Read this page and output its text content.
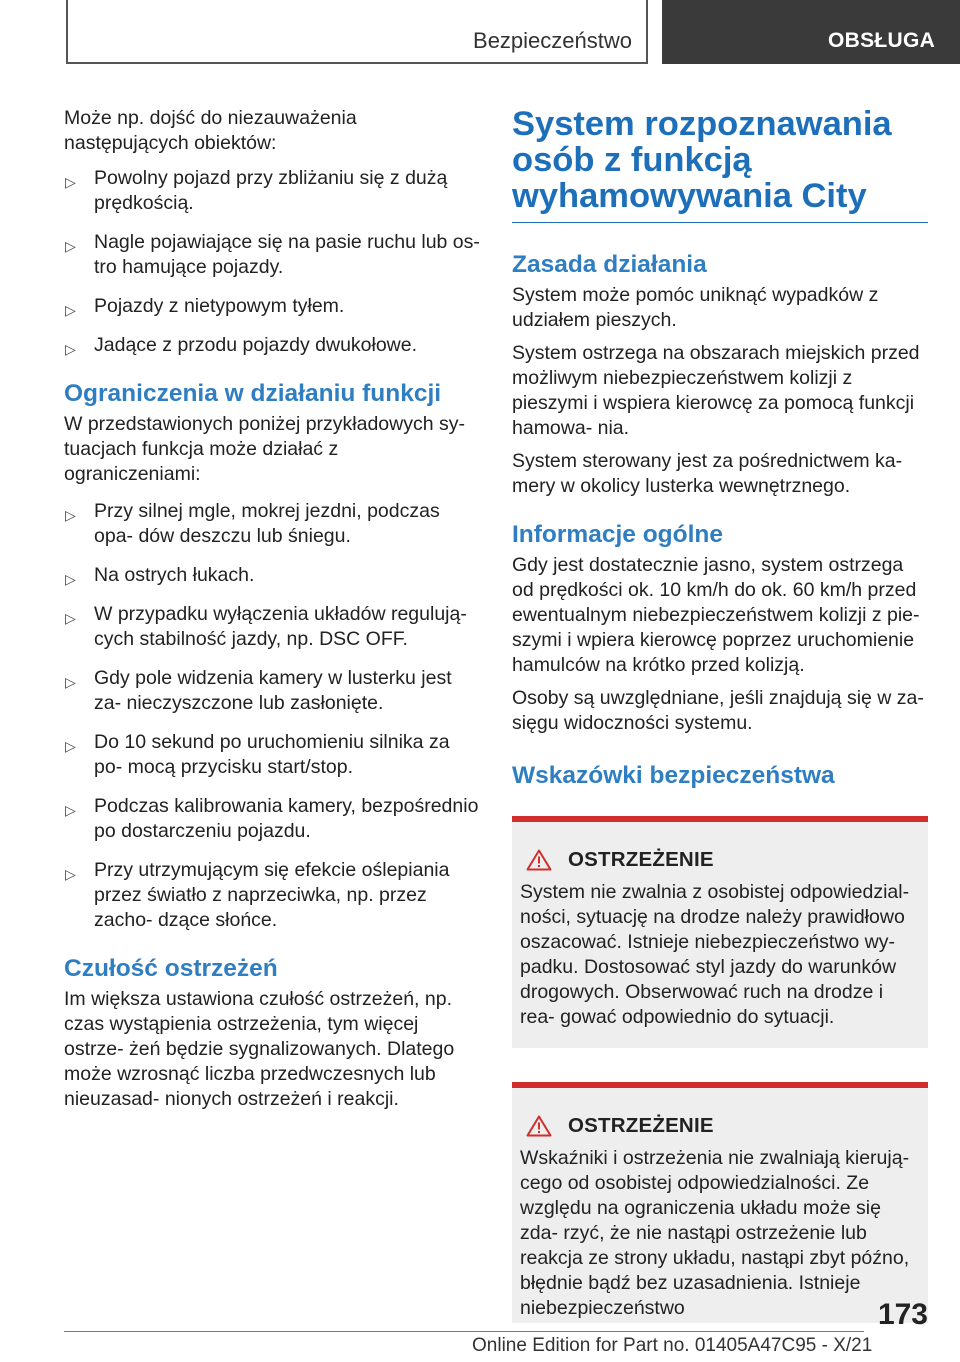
Bezpieczeństwo	OBSŁUGA

Może np. dojść do niezauważenia następujących obiektów:

▷ Powolny pojazd przy zbliżaniu się z dużą prędkością.
▷ Nagle pojawiające się na pasie ruchu lub os- tro hamujące pojazdy.
▷ Pojazdy z nietypowym tyłem.
▷ Jadące z przodu pojazdy dwukołowe.
Ograniczenia w działaniu funkcji

W przedstawionych poniżej przykładowych sy- tuacjach funkcja może działać z ograniczeniami:

▷ Przy silnej mgle, mokrej jezdni, podczas opa- dów deszczu lub śniegu.
▷ Na ostrych łukach.
▷ W przypadku wyłączenia układów regulują- cych stabilność jazdy, np. DSC OFF.
▷ Gdy pole widzenia kamery w lusterku jest za- nieczyszczone lub zasłonięte.
▷ Do 10 sekund po uruchomieniu silnika za po- mocą przycisku start/stop.
▷ Podczas kalibrowania kamery, bezpośrednio po dostarczeniu pojazdu.
▷ Przy utrzymującym się efekcie oślepiania przez światło z naprzeciwka, np. przez zacho- dzące słońce.
Czułość ostrzeżeń

Im większa ustawiona czułość ostrzeżeń, np. czas wystąpienia ostrzeżenia, tym więcej ostrze- żeń będzie sygnalizowanych. Dlatego może wzrosnąć liczba przedwczesnych lub nieuzasad- nionych ostrzeżeń i reakcji.

System rozpoznawania osób z funkcją wyhamowywania City
Zasada działania

System może pomóc uniknąć wypadków z udziałem pieszych.

System ostrzega na obszarach miejskich przed możliwym niebezpieczeństwem kolizji z pieszymi i wspiera kierowcę za pomocą funkcji hamowa- nia.

System sterowany jest za pośrednictwem ka- mery w okolicy lusterka wewnętrznego.

Informacje ogólne

Gdy jest dostatecznie jasno, system ostrzega od prędkości ok. 10 km/h do ok. 60 km/h przed ewentualnym niebezpieczeństwem kolizji z pie- szymi i wpiera kierowcę poprzez uruchomienie hamulców na krótko przed kolizją.

Osoby są uwzględniane, jeśli znajdują się w za- sięgu widoczności systemu.

Wskazówki bezpieczeństwa
OSTRZEŻENIE

System nie zwalnia z osobistej odpowiedzial- ności, sytuację na drodze należy prawidłowo oszacować. Istnieje niebezpieczeństwo wy- padku. Dostosować styl jazdy do warunków drogowych. Obserwować ruch na drodze i rea- gować odpowiednio do sytuacji.

OSTRZEŻENIE

Wskaźniki i ostrzeżenia nie zwalniają kierują- cego od osobistej odpowiedzialności. Ze względu na ograniczenia układu może się zda- rzyć, że nie nastąpi ostrzeżenie lub reakcja ze strony układu, nastąpi zbyt późno, błędnie bądź bez uzasadnienia. Istnieje niebezpieczeństwo	173
Online Edition for Part no. 01405A47C95 - X/21
